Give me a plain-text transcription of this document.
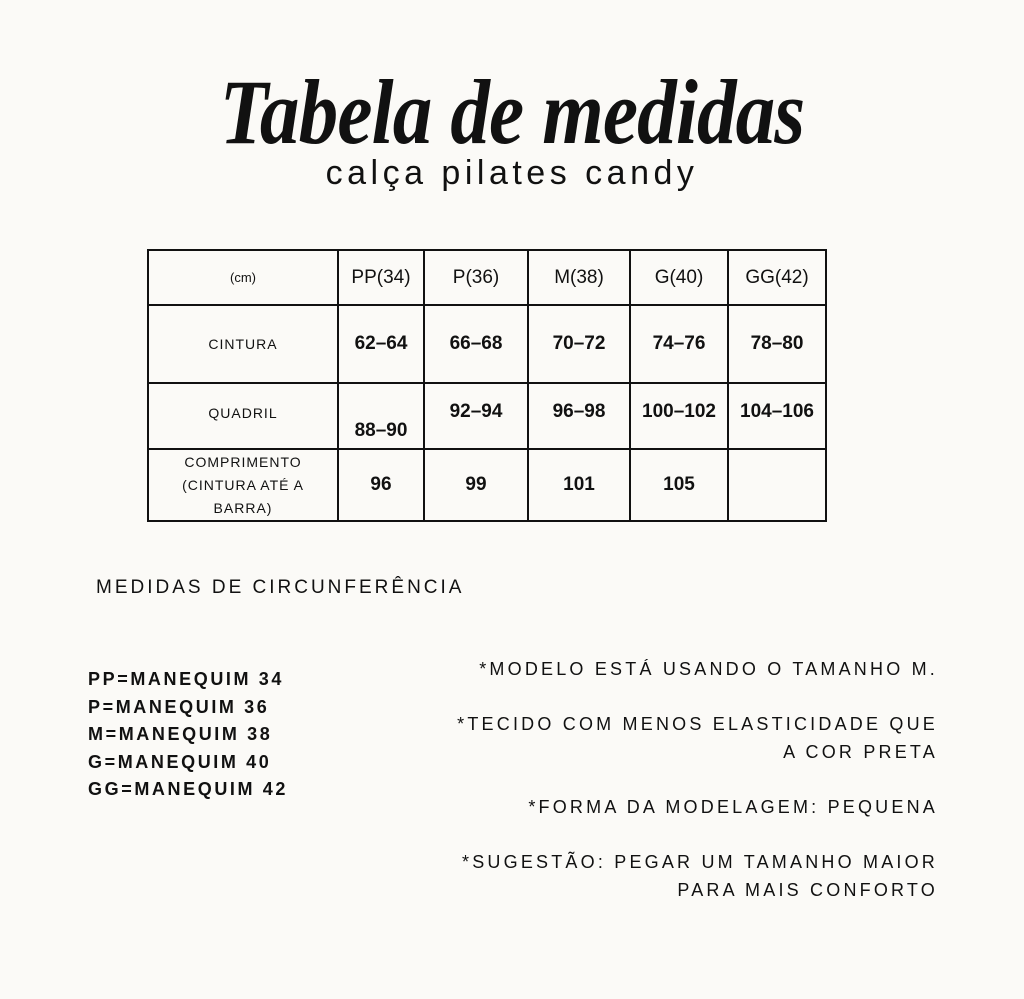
Tabela de medidas

calça pilates candy

(cm)	PP(34)	P(36)	M(38)	G(40)	GG(42)
CINTURA	62–64	66–68	70–72	74–76	78–80
QUADRIL	88–90	92–94	96–98	100–102	104–106

COMPRIMENTO
(CINTURA ATÉ A
BARRA)	96	99	101	105	
MEDIDAS DE CIRCUNFERÊNCIA
PP=MANEQUIM 34
P=MANEQUIM 36
M=MANEQUIM 38
G=MANEQUIM 40
GG=MANEQUIM 42

*MODELO ESTÁ USANDO O TAMANHO M.

*TECIDO COM MENOS ELASTICIDADE QUE

A COR PRETA

*FORMA DA MODELAGEM: PEQUENA

*SUGESTÃO: PEGAR UM TAMANHO MAIOR

PARA MAIS CONFORTO
